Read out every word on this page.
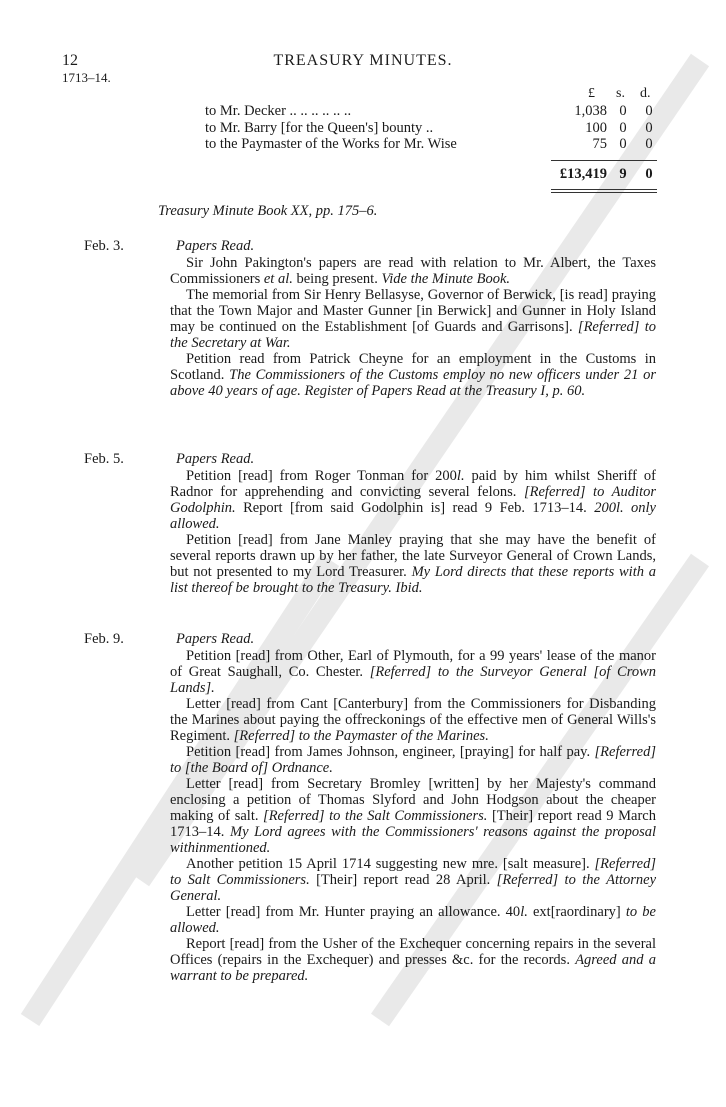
12	TREASURY MINUTES.
1713–14.
£ s. d.
to Mr. Decker .. .. .. .. .. ..	1,038 0 0
to Mr. Barry [for the Queen's] bounty ..	100 0 0
to the Paymaster of the Works for Mr. Wise	75 0 0
£13,419 9 0
Treasury Minute Book XX, pp. 175–6.
Feb. 3.	Papers Read.

Sir John Pakington's papers are read with relation to Mr. Albert, the Taxes Commissioners et al. being present. Vide the Minute Book.

The memorial from Sir Henry Bellasyse, Governor of Berwick, [is read] praying that the Town Major and Master Gunner [in Berwick] and Gunner in Holy Island may be continued on the Establishment [of Guards and Garrisons]. [Referred] to the Secretary at War.

Petition read from Patrick Cheyne for an employment in the Customs in Scotland. The Commissioners of the Customs employ no new officers under 21 or above 40 years of age. Register of Papers Read at the Treasury I, p. 60.

Feb. 5.	Papers Read.

Petition [read] from Roger Tonman for 200l. paid by him whilst Sheriff of Radnor for apprehending and convicting several felons. [Referred] to Auditor Godolphin. Report [from said Godolphin is] read 9 Feb. 1713–14. 200l. only allowed.

Petition [read] from Jane Manley praying that she may have the benefit of several reports drawn up by her father, the late Surveyor General of Crown Lands, but not presented to my Lord Treasurer. My Lord directs that these reports with a list thereof be brought to the Treasury. Ibid.

Feb. 9.	Papers Read.

Petition [read] from Other, Earl of Plymouth, for a 99 years' lease of the manor of Great Saughall, Co. Chester. [Referred] to the Surveyor General [of Crown Lands].

Letter [read] from Cant [Canterbury] from the Commissioners for Disbanding the Marines about paying the offreckonings of the effective men of General Wills's Regiment. [Referred] to the Paymaster of the Marines.

Petition [read] from James Johnson, engineer, [praying] for half pay. [Referred] to [the Board of] Ordnance.

Letter [read] from Secretary Bromley [written] by her Majesty's command enclosing a petition of Thomas Slyford and John Hodgson about the cheaper making of salt. [Referred] to the Salt Commissioners. [Their] report read 9 March 1713–14. My Lord agrees with the Commissioners' reasons against the proposal withinmentioned.

Another petition 15 April 1714 suggesting new mre. [salt measure]. [Referred] to Salt Commissioners. [Their] report read 28 April. [Referred] to the Attorney General.

Letter [read] from Mr. Hunter praying an allowance. 40l. ext[raordinary] to be allowed.

Report [read] from the Usher of the Exchequer concerning repairs in the several Offices (repairs in the Exchequer) and presses &c. for the records. Agreed and a warrant to be prepared.
